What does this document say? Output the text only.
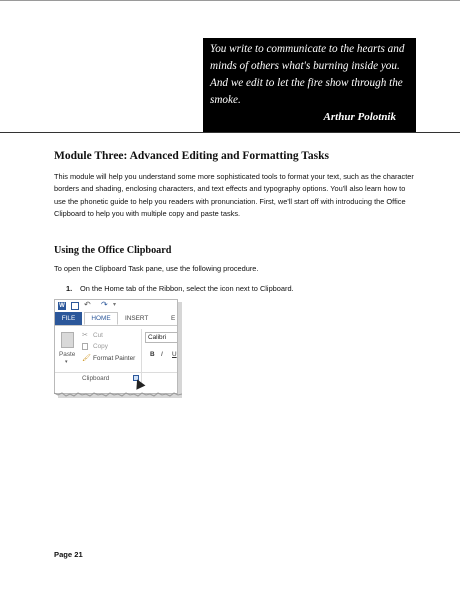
You write to communicate to the hearts and minds of others what's burning inside you. And we edit to let the fire show through the smoke.
Arthur Polotnik
Module Three: Advanced Editing and Formatting Tasks
This module will help you understand some more sophisticated tools to format your text, such as the character borders and shading, enclosing characters, and text effects and typography options. You'll also learn how to use the phonetic guide to help you readers with pronunciation. First, we'll start off with introducing the Office Clipboard to help you with multiple copy and paste tasks.
Using the Office Clipboard
To open the Clipboard Task pane, use the following procedure.
1. On the Home tab of the Ribbon, select the icon next to Clipboard.
W ↶ ↷ ▾
FILE	HOME	INSERT	E
Paste
▾
✂ Cut
Copy
🖌 Format Painter
Calibri
B I U
Clipboard
Page 21
